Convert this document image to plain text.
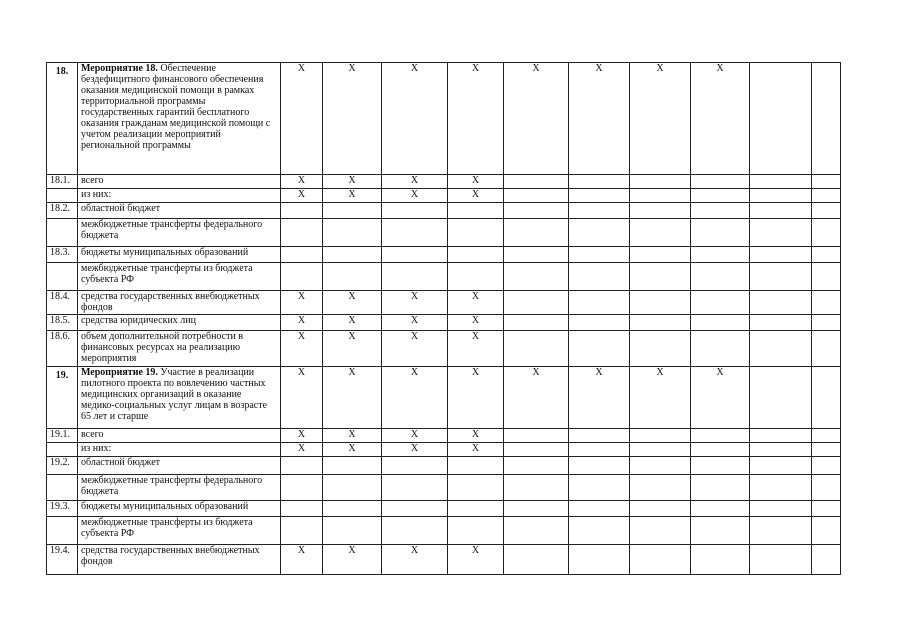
18.	Мероприятие 18. Обеспечение бездефицитного финансового обеспечения оказания медицинской помощи в рамках территориальной программы государственных гарантий бесплатного оказания гражданам медицинской помощи с учетом реализации мероприятий региональной программы	X	X	X	X	X	X	X	X		
18.1.	всего	X	X	X	X						
	из них:	X	X	X	X						
18.2.	областной бюджет										
	межбюджетные трансферты федерального бюджета										
18.3.	бюджеты муниципальных образований										
	межбюджетные трансферты из бюджета субъекта РФ										
18.4.	средства государственных внебюджетных фондов	X	X	X	X						
18.5.	средства юридических лиц	X	X	X	X						
18.6.	объем дополнительной потребности в финансовых ресурсах на реализацию мероприятия	X	X	X	X						
19.	Мероприятие 19. Участие в реализации пилотного проекта по вовлечению частных медицинских организаций в оказание медико-социальных услуг лицам в возрасте 65 лет и старше	X	X	X	X	X	X	X	X		
19.1.	всего	X	X	X	X						
	из них:	X	X	X	X						
19.2.	областной бюджет										
	межбюджетные трансферты федерального бюджета										
19.3.	бюджеты муниципальных образований										
	межбюджетные трансферты из бюджета субъекта РФ										
19.4.	средства государственных внебюджетных фондов	X	X	X	X						
